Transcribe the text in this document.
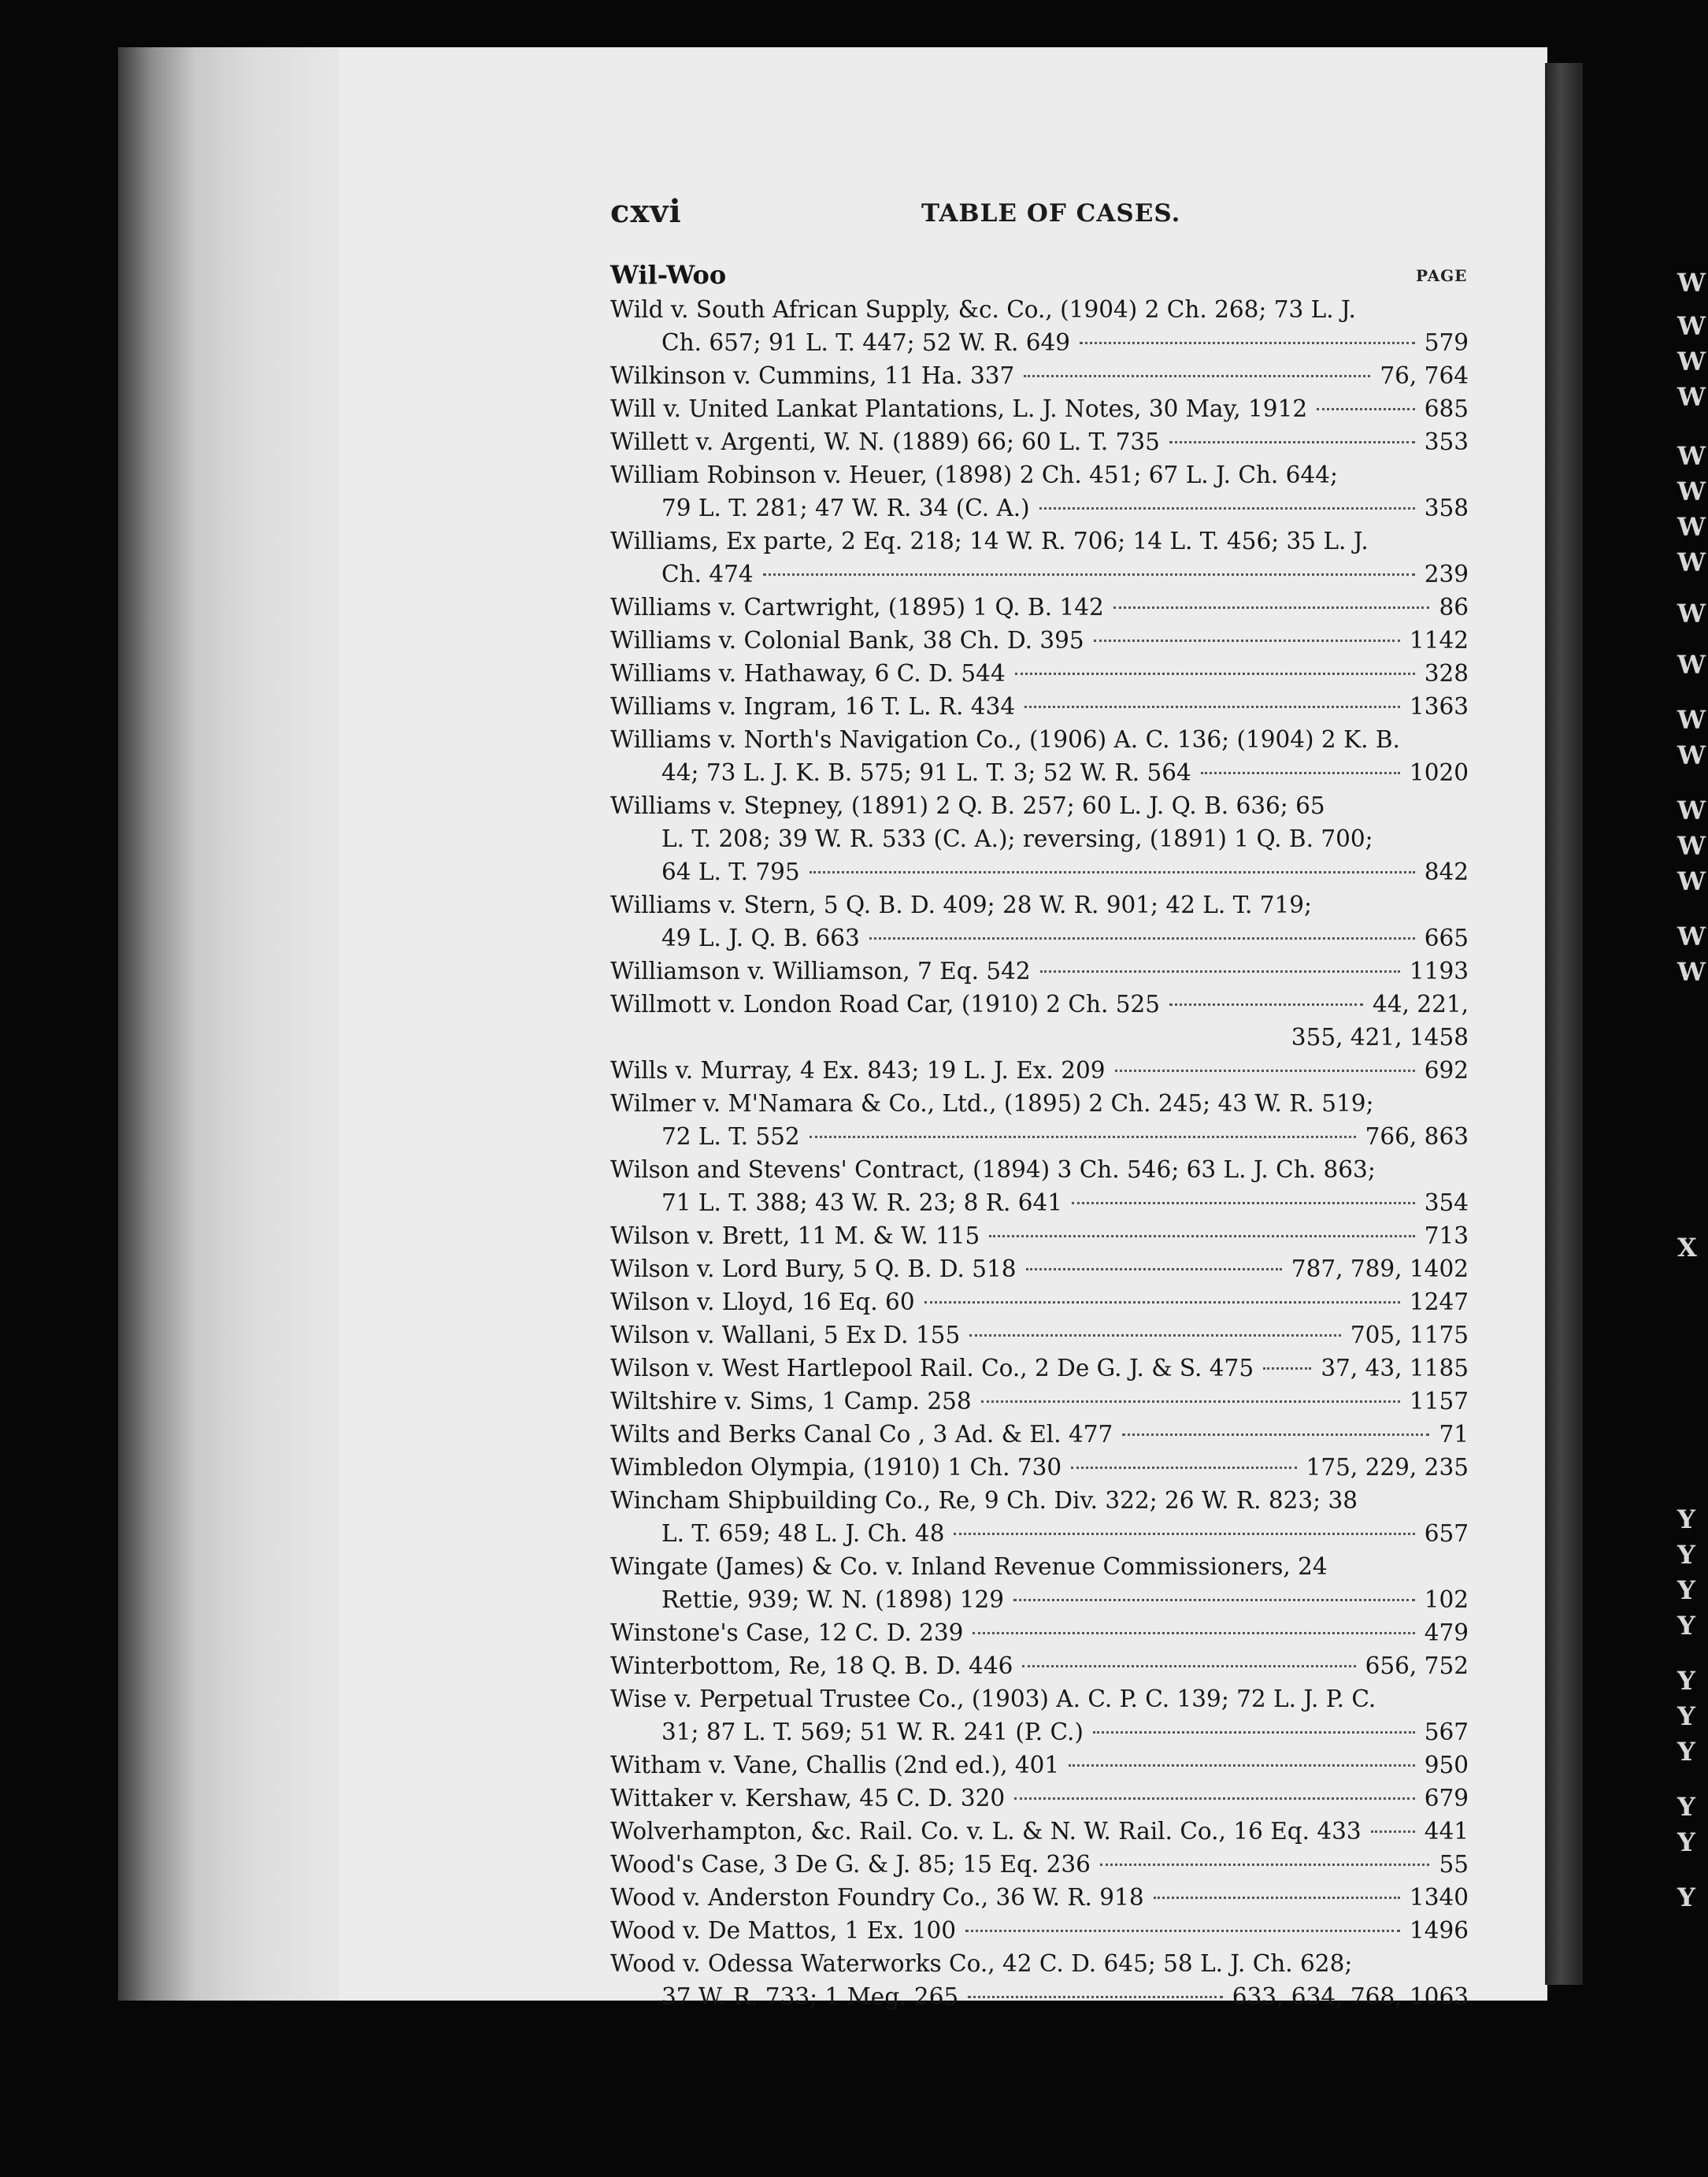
cxvi	TABLE OF CASES.
Wil-Woo	PAGE
Wild v. South African Supply, &c. Co., (1904) 2 Ch. 268; 73 L. J.
Ch. 657; 91 L. T. 447; 52 W. R. 649	579
Wilkinson v. Cummins, 11 Ha. 337	76, 764
Will v. United Lankat Plantations, L. J. Notes, 30 May, 1912	685
Willett v. Argenti, W. N. (1889) 66; 60 L. T. 735	353
William Robinson v. Heuer, (1898) 2 Ch. 451; 67 L. J. Ch. 644;
79 L. T. 281; 47 W. R. 34 (C. A.)	358
Williams, Ex parte, 2 Eq. 218; 14 W. R. 706; 14 L. T. 456; 35 L. J.
Ch. 474	239
Williams v. Cartwright, (1895) 1 Q. B. 142	86
Williams v. Colonial Bank, 38 Ch. D. 395	1142
Williams v. Hathaway, 6 C. D. 544	328
Williams v. Ingram, 16 T. L. R. 434	1363
Williams v. North's Navigation Co., (1906) A. C. 136; (1904) 2 K. B.
44; 73 L. J. K. B. 575; 91 L. T. 3; 52 W. R. 564	1020
Williams v. Stepney, (1891) 2 Q. B. 257; 60 L. J. Q. B. 636; 65
L. T. 208; 39 W. R. 533 (C. A.); reversing, (1891) 1 Q. B. 700;
64 L. T. 795	842
Williams v. Stern, 5 Q. B. D. 409; 28 W. R. 901; 42 L. T. 719;
49 L. J. Q. B. 663	665
Williamson v. Williamson, 7 Eq. 542	1193
Willmott v. London Road Car, (1910) 2 Ch. 525	44, 221,
355, 421, 1458
Wills v. Murray, 4 Ex. 843; 19 L. J. Ex. 209	692
Wilmer v. M'Namara & Co., Ltd., (1895) 2 Ch. 245; 43 W. R. 519;
72 L. T. 552	766, 863
Wilson and Stevens' Contract, (1894) 3 Ch. 546; 63 L. J. Ch. 863;
71 L. T. 388; 43 W. R. 23; 8 R. 641	354
Wilson v. Brett, 11 M. & W. 115	713
Wilson v. Lord Bury, 5 Q. B. D. 518	787, 789, 1402
Wilson v. Lloyd, 16 Eq. 60	1247
Wilson v. Wallani, 5 Ex D. 155	705, 1175
Wilson v. West Hartlepool Rail. Co., 2 De G. J. & S. 475	37, 43, 1185
Wiltshire v. Sims, 1 Camp. 258	1157
Wilts and Berks Canal Co , 3 Ad. & El. 477	71
Wimbledon Olympia, (1910) 1 Ch. 730	175, 229, 235
Wincham Shipbuilding Co., Re, 9 Ch. Div. 322; 26 W. R. 823; 38
L. T. 659; 48 L. J. Ch. 48	657
Wingate (James) & Co. v. Inland Revenue Commissioners, 24
Rettie, 939; W. N. (1898) 129	102
Winstone's Case, 12 C. D. 239	479
Winterbottom, Re, 18 Q. B. D. 446	656, 752
Wise v. Perpetual Trustee Co., (1903) A. C. P. C. 139; 72 L. J. P. C.
31; 87 L. T. 569; 51 W. R. 241 (P. C.)	567
Witham v. Vane, Challis (2nd ed.), 401	950
Wittaker v. Kershaw, 45 C. D. 320	679
Wolverhampton, &c. Rail. Co. v. L. & N. W. Rail. Co., 16 Eq. 433	441
Wood's Case, 3 De G. & J. 85; 15 Eq. 236	55
Wood v. Anderston Foundry Co., 36 W. R. 918	1340
Wood v. De Mattos, 1 Ex. 100	1496
Wood v. Odessa Waterworks Co., 42 C. D. 645; 58 L. J. Ch. 628;
37 W. R. 733; 1 Meg. 265	633, 634, 768, 1063
W
W
W
W
W
W
W
W
W
W
W
W
W
W
W
W
W
X
Y
Y
Y
Y
Y
Y
Y
Y
Y
Y
